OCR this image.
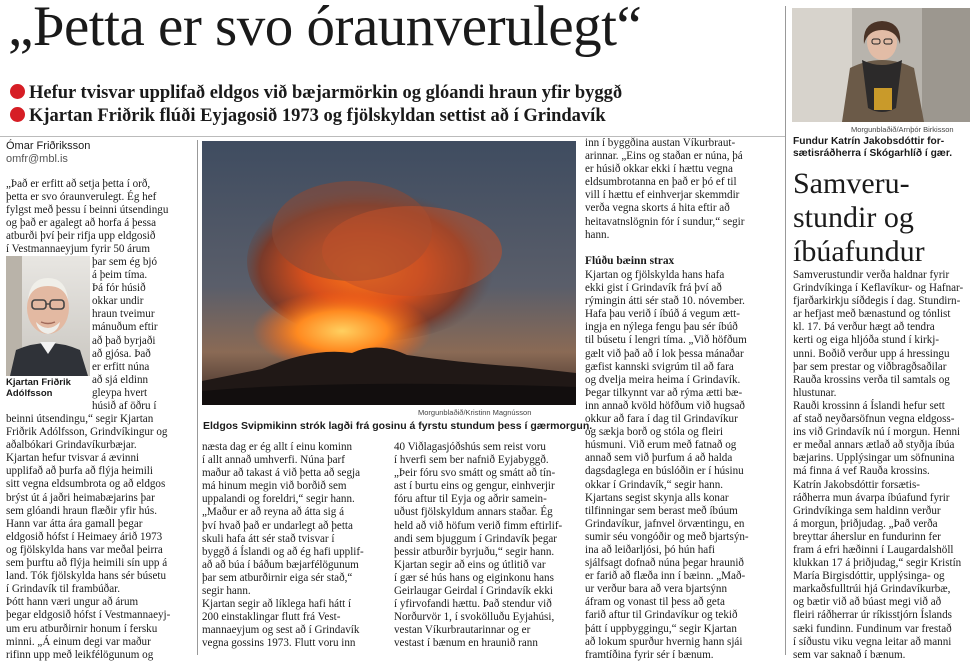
„Þetta er svo óraunverulegt“
Hefur tvisvar upplifað eldgos við bæjarmörkin og glóandi hraun yfir byggð
Kjartan Friðrik flúði Eyjagosið 1973 og fjölskyldan settist að í Grindavík
Ómar Friðriksson
omfr@mbl.is

„Það er erfitt að setja þetta í orð,

þetta er svo óraunverulegt. Ég hef

fylgst með þessu í beinni útsendingu

og það er agalegt að horfa á þessa

atburði því þeir rifja upp eldgosið

í Vestmannaeyjum fyrir 50 árum

Kjartan Friðrik Adólfsson

þar sem ég bjó

á þeim tíma.

Þá fór húsið

okkar undir

hraun tveimur

mánuðum eftir

að það byrjaði

að gjósa. Það

er erfitt núna

að sjá eldinn

gleypa hvert

húsið af öðru í

beinni útsendingu,“ segir Kjartan

Friðrik Adólfsson, Grindvíkingur og

aðalbókari Grindavíkurbæjar.

Kjartan hefur tvisvar á ævinni

upplifað að þurfa að flýja heimili

sitt vegna eldsumbrota og að eldgos

brýst út á jaðri heimabæjarins þar

sem glóandi hraun flæðir yfir hús.

Hann var átta ára gamall þegar

eldgosið hófst í Heimaey árið 1973

og fjölskylda hans var meðal þeirra

sem þurftu að flýja heimili sín upp á

land. Tók fjölskylda hans sér búsetu

í Grindavík til frambúðar.

Þótt hann væri ungur að árum

þegar eldgosið hófst í Vestmannaeyj-

um eru atburðirnir honum í fersku

minni. „Á einum degi var maður

rifinn upp með leikfélögunum og

Morgunblaðið/Kristinn Magnússon
Eldgos Svipmikinn strók lagði frá gosinu á fyrstu stundum þess í gærmorgun.

næsta dag er ég allt í einu kominn

í allt annað umhverfi. Núna þarf

maður að takast á við þetta að segja

má hinum megin við borðið sem

uppalandi og foreldri,“ segir hann.

„Maður er að reyna að átta sig á

því hvað það er undarlegt að þetta

skuli hafa átt sér stað tvisvar í

byggð á Íslandi og að ég hafi upplif-

að að búa í báðum bæjarfélögunum

þar sem atburðirnir eiga sér stað,“

segir hann.

Kjartan segir að líklega hafi hátt í

200 einstaklingar flutt frá Vest-

mannaeyjum og sest að í Grindavík

vegna gossins 1973. Flutt voru inn

40 Viðlagasjóðshús sem reist voru

í hverfi sem ber nafnið Eyjabyggð.

„Þeir fóru svo smátt og smátt að tín-

ast í burtu eins og gengur, einhverjir

fóru aftur til Eyja og aðrir samein-

uðust fjölskyldum annars staðar. Ég

held að við höfum verið fimm eftirlif-

andi sem bjuggum í Grindavík þegar

þessir atburðir byrjuðu,“ segir hann.

Kjartan segir að eins og útlitið var

í gær sé hús hans og eiginkonu hans

Geirlaugar Geirdal í Grindavík ekki

í yfirvofandi hættu. Það stendur við

Norðurvör 1, í svokölluðu Eyjahúsi,

vestan Víkurbrautarinnar og er

vestast í bænum en hraunið rann

inn í byggðina austan Víkurbraut-

arinnar. „Eins og staðan er núna, þá

er húsið okkar ekki í hættu vegna

eldsumbrotanna en það er þó ef til

vill í hættu ef einhverjar skemmdir

verða vegna skorts á hita eftir að

heitavatnslögnin fór í sundur,“ segir

hann.

Flúðu bæinn strax

Kjartan og fjölskylda hans hafa

ekki gist í Grindavík frá því að

rýmingin átti sér stað 10. nóvember.

Hafa þau verið í íbúð á vegum ætt-

ingja en nýlega fengu þau sér íbúð

til búsetu í lengri tíma. „Við höfðum

gælt við það að í lok þessa mánaðar

gæfist kannski svigrúm til að fara

og dvelja meira heima í Grindavík.

Þegar tilkynnt var að rýma ætti bæ-

inn annað kvöld höfðum við hugsað

okkur að fara í dag til Grindavíkur

og sækja borð og stóla og fleiri

húsmuni. Við erum með fatnað og

annað sem við þurfum á að halda

dagsdaglega en búslóðin er í húsinu

okkar í Grindavík,“ segir hann.

Kjartans segist skynja alls konar

tilfinningar sem berast með íbúum

Grindavíkur, jafnvel örvæntingu, en

sumir séu vongóðir og með bjartsýn-

ina að leiðarljósi, þó hún hafi

sjálfsagt dofnað núna þegar hraunið

er farið að flæða inn í bæinn. „Mað-

ur verður bara að vera bjartsýnn

áfram og vonast til þess að geta

farið aftur til Grindavíkur og tekið

þátt í uppbyggingu,“ segir Kjartan

að lokum spurður hvernig hann sjái

framtíðina fyrir sér í bænum.

Morgunblaðið/Arnþór Birkisson
Fundur Katrín Jakobsdóttir for-
sætisráðherra í Skógarhlíð í gær.
Samveru-
stundir og
íbúafundur

Samverustundir verða haldnar fyrir

Grindvíkinga í Keflavíkur- og Hafnar-

fjarðarkirkju síðdegis í dag. Stundirn-

ar hefjast með bænastund og tónlist

kl. 17. Þá verður hægt að tendra

kerti og eiga hljóða stund í kirkj-

unni. Boðið verður upp á hressingu

þar sem prestar og viðbragðsaðilar

Rauða krossins verða til samtals og

hlustunar.

Rauði krossinn á Íslandi hefur sett

af stað neyðarsöfnun vegna eldgoss-

ins við Grindavík nú í morgun. Henni

er meðal annars ætlað að styðja íbúa

bæjarins. Upplýsingar um söfnunina

má finna á vef Rauða krossins.

Katrín Jakobsdóttir forsætis-

ráðherra mun ávarpa íbúafund fyrir

Grindvíkinga sem haldinn verður

á morgun, þriðjudag. „Það verða

breyttar áherslur en fundurinn fer

fram á efri hæðinni í Laugardalshöll

klukkan 17 á þriðjudag,“ segir Kristín

María Birgisdóttir, upplýsinga- og

markaðsfulltrúi hjá Grindavíkurbæ,

og bætir við að búast megi við að

fleiri ráðherrar úr ríkisstjórn Íslands

sæki fundinn. Fundinum var frestað

í síðustu viku vegna leitar að manni

sem var saknað í bænum.
